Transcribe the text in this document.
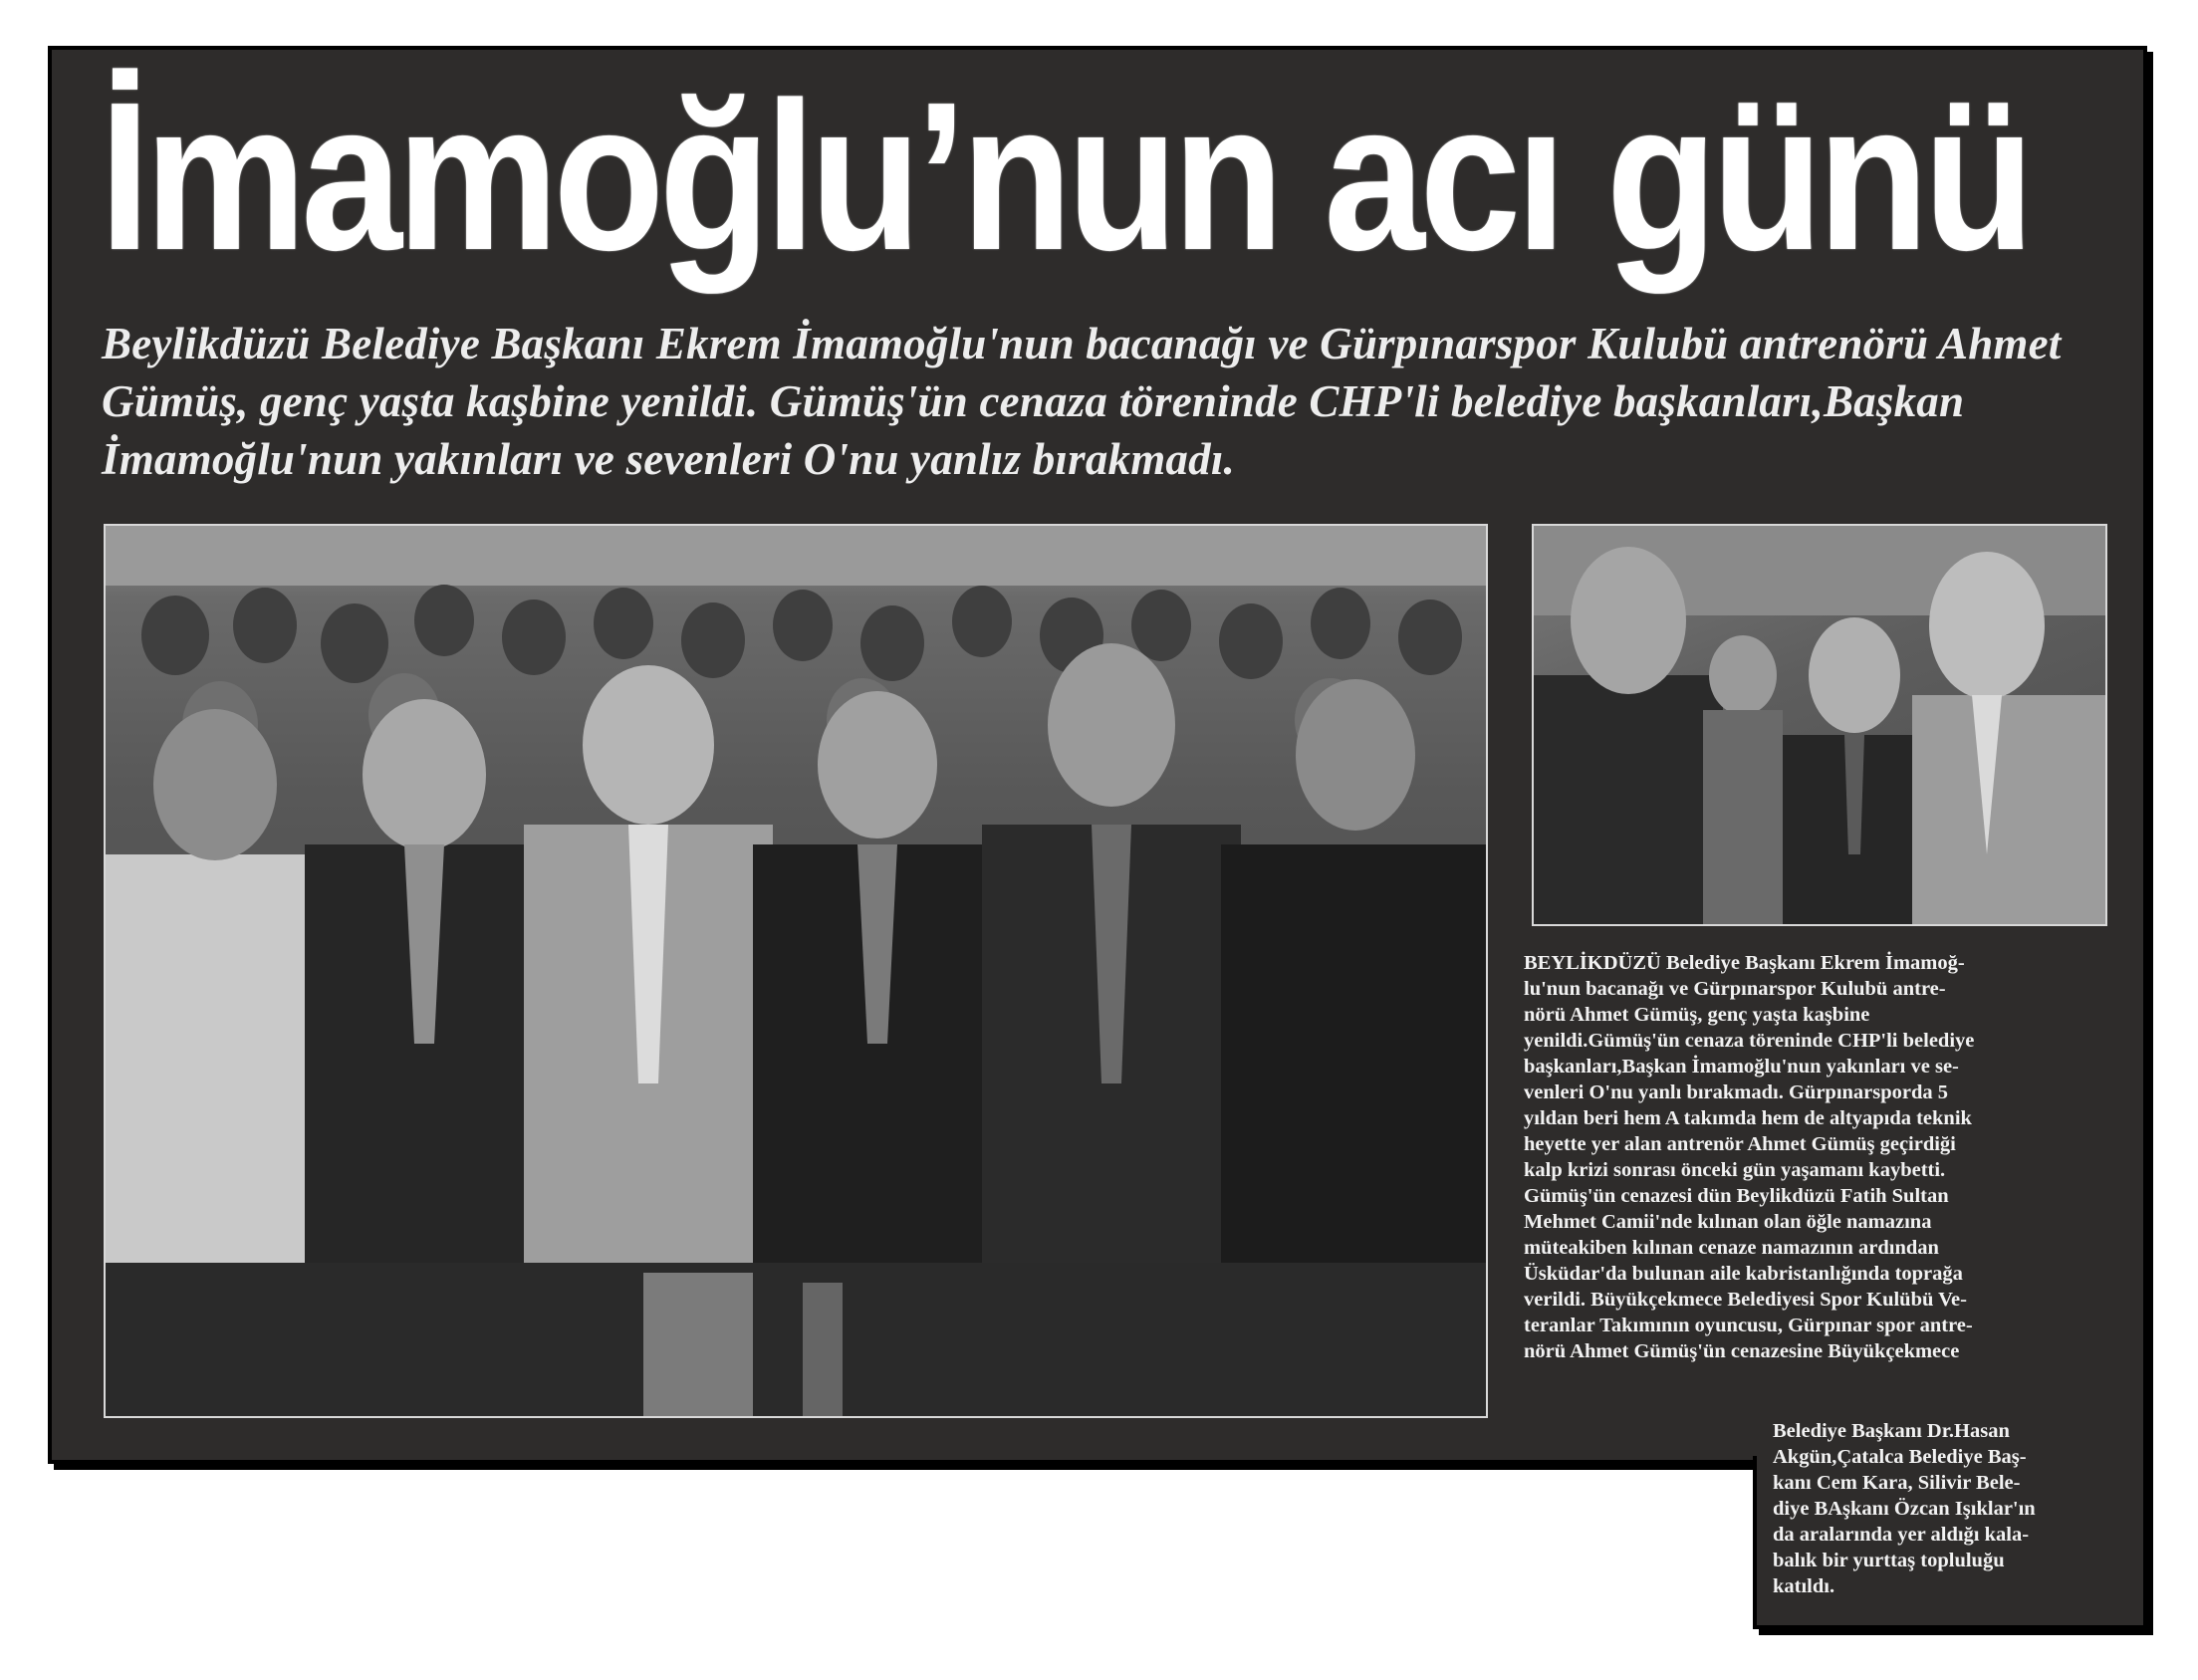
İmamoğlu’nun acı günü

Beylikdüzü Belediye Başkanı Ekrem İmamoğlu'nun bacanağı ve Gürpınarspor Kulubü antrenörü Ahmet Gümüş, genç yaşta kaşbine yenildi. Gümüş'ün cenaza töreninde CHP'li belediye başkanları,Başkan İmamoğlu'nun yakınları ve sevenleri O'nu yanlız bırakmadı.

BEYLİKDÜZÜ Belediye Başkanı Ekrem İmamoğ-
lu'nun bacanağı ve Gürpınarspor Kulubü antre-
nörü Ahmet Gümüş, genç yaşta kaşbine
yenildi.Gümüş'ün cenaza töreninde CHP'li belediye
başkanları,Başkan İmamoğlu'nun yakınları ve se-
venleri O'nu yanlı bırakmadı. Gürpınarsporda 5
yıldan beri hem A takımda hem de altyapıda teknik
heyette yer alan antrenör Ahmet Gümüş geçirdiği
kalp krizi sonrası önceki gün yaşamanı kaybetti.
Gümüş'ün cenazesi dün Beylikdüzü Fatih Sultan
Mehmet Camii'nde kılınan olan öğle namazına
müteakiben kılınan cenaze namazının ardından
Üsküdar'da bulunan aile kabristanlığında toprağa
verildi. Büyükçekmece Belediyesi Spor Kulübü Ve-
teranlar Takımının oyuncusu, Gürpınar spor antre-
nörü Ahmet Gümüş'ün cenazesine Büyükçekmece
Belediye Başkanı Dr.Hasan
Akgün,Çatalca Belediye Baş-
kanı Cem Kara, Silivir Bele-
diye BAşkanı Özcan Işıklar'ın
da aralarında yer aldığı kala-
balık bir yurttaş topluluğu
katıldı.
